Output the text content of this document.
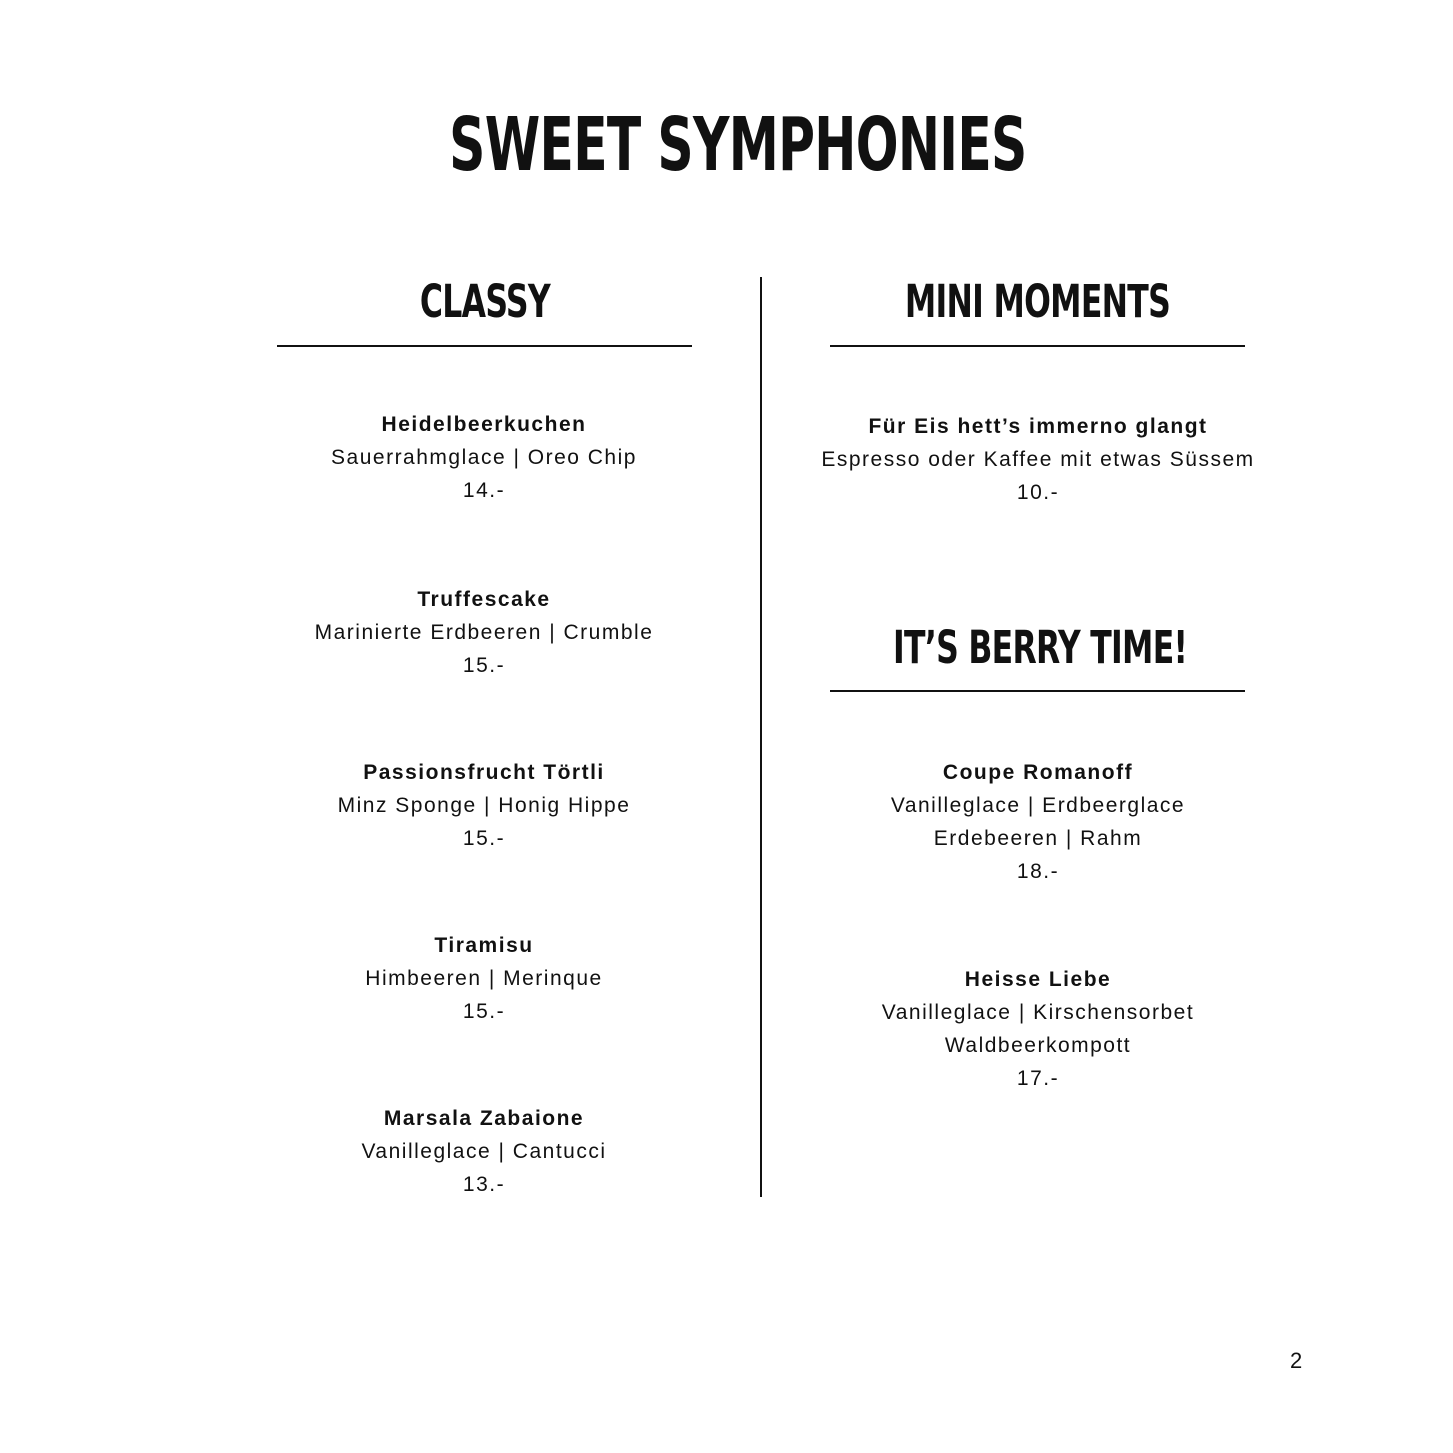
SWEET SYMPHONIES
CLASSY
Heidelbeerkuchen
Sauerrahmglace | Oreo Chip
14.-
Truffescake
Marinierte Erdbeeren | Crumble
15.-
Passionsfrucht Törtli
Minz Sponge | Honig Hippe
15.-
Tiramisu
Himbeeren | Merinque
15.-
Marsala Zabaione
Vanilleglace | Cantucci
13.-
MINI MOMENTS
Für Eis hett’s immerno glangt
Espresso oder Kaffee mit etwas Süssem
10.-
IT’S BERRY TIME!
Coupe Romanoff
Vanilleglace | Erdbeerglace
Erdebeeren | Rahm
18.-
Heisse Liebe
Vanilleglace | Kirschensorbet
Waldbeerkompott
17.-
2
